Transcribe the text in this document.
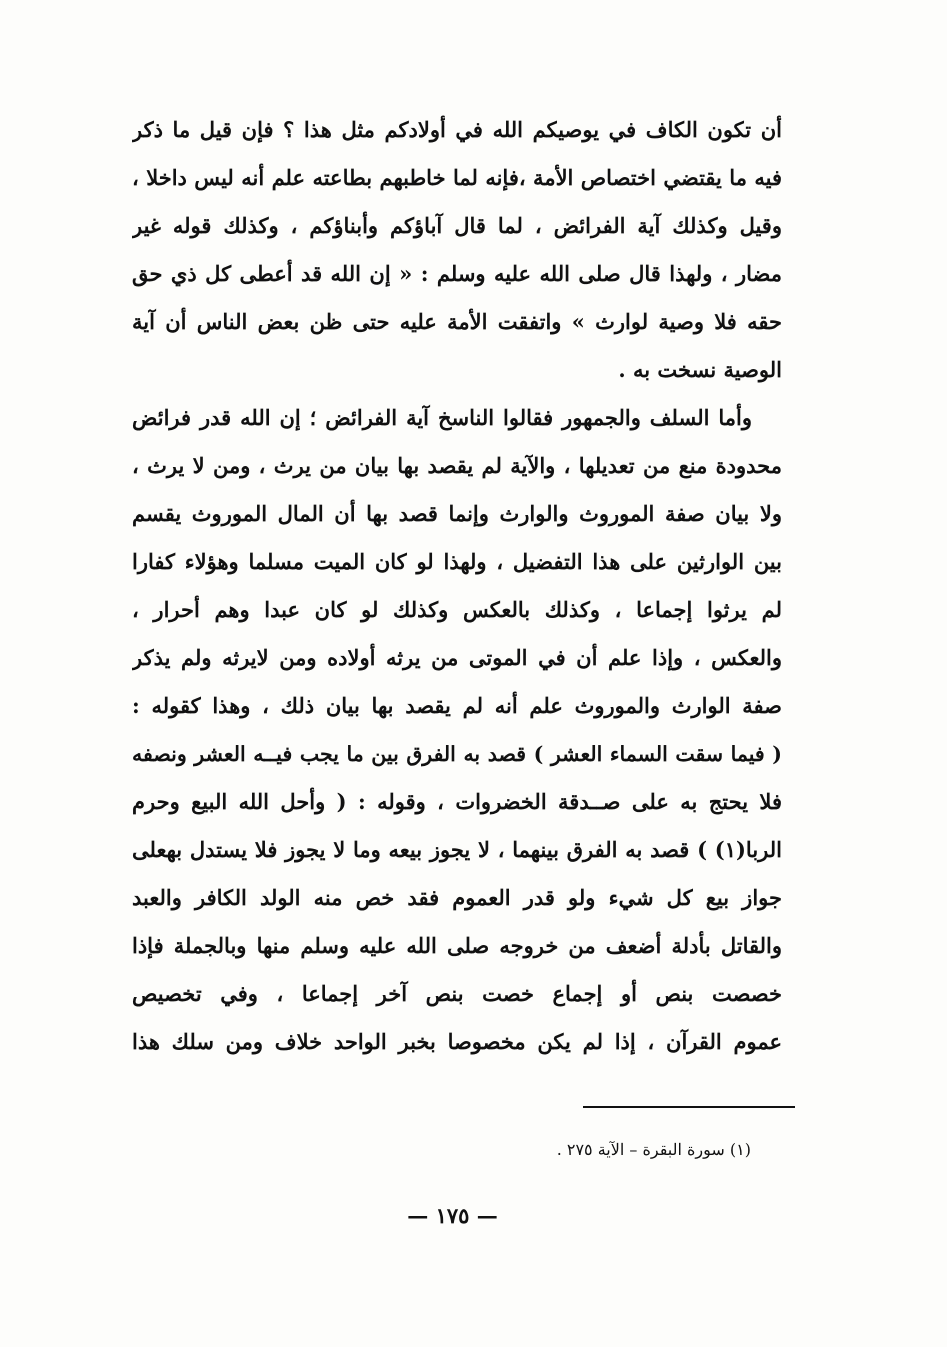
أن تكون الكاف في يوصيكم الله في أولادكم مثل هذا ؟ فإن قيل ما ذكر
فيه ما يقتضي اختصاص الأمة ،فإنه لما خاطبهم بطاعته علم أنه ليس داخلا ،
وقيل وكذلك آية الفرائض ، لما قال آباؤكم وأبناؤكم ، وكذلك قوله غير
مضار ، ولهذا قال صلى الله عليه وسلم : « إن الله قد أعطى كل ذي حق
حقه فلا وصية لوارث » واتفقت الأمة عليه حتى ظن بعض الناس أن آية
الوصية نسخت به .
وأما السلف والجمهور فقالوا الناسخ آية الفرائض ؛ إن الله قدر فرائض
محدودة منع من تعديلها ، والآية لم يقصد بها بيان من يرث ، ومن لا يرث ،
ولا بيان صفة الموروث والوارث وإنما قصد بها أن المال الموروث يقسم
بين الوارثين على هذا التفضيل ، ولهذا لو كان الميت مسلما وهؤلاء كفارا
لم يرثوا إجماعا ، وكذلك بالعكس وكذلك لو كان عبدا وهم أحرار ،
والعكس ، وإذا علم أن في الموتى من يرثه أولاده ومن لايرثه ولم يذكر
صفة الوارث والموروث علم أنه لم يقصد بها بيان ذلك ، وهذا كقوله :
( فيما سقت السماء العشر ) قصد به الفرق بين ما يجب فيــه العشر ونصفه
فلا يحتج به على صــدقة الخضروات ، وقوله : ( وأحل الله البيع وحرم
الربا(١) ) قصد به الفرق بينهما ، لا يجوز بيعه وما لا يجوز فلا يستدل بهعلى
جواز بيع كل شيء ولو قدر العموم فقد خص منه الولد الكافر والعبد
والقاتل بأدلة أضعف من خروجه صلى الله عليه وسلم منها وبالجملة فإذا
خصصت بنص أو إجماع خصت بنص آخر إجماعا ، وفي تخصيص
عموم القرآن ، إذا لم يكن مخصوصا بخبر الواحد خلاف ومن سلك هذا
(١) سورة البقرة – الآية ٢٧٥ .
— ١٧٥ —
